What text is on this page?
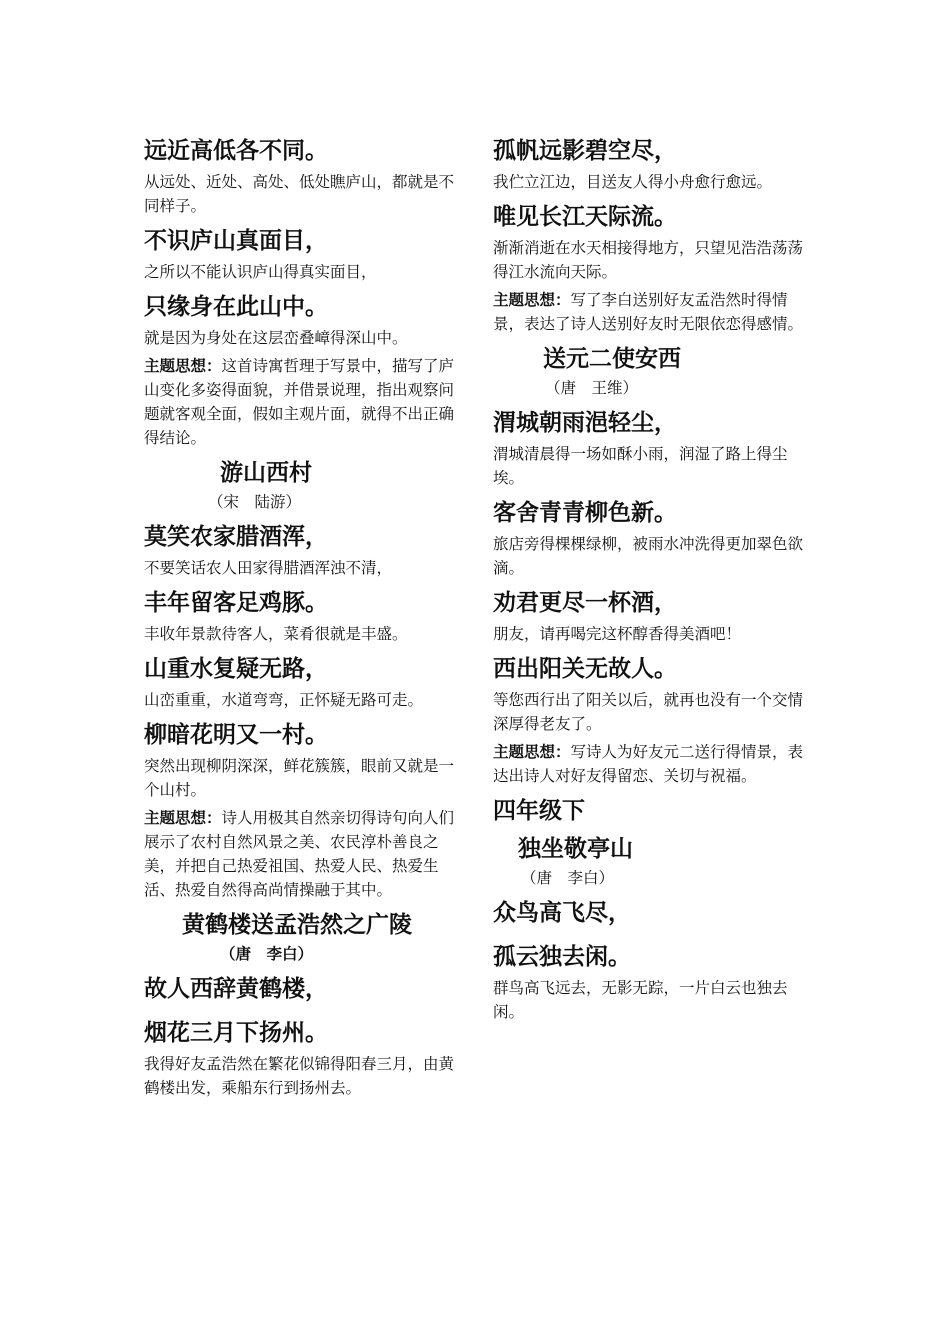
远近高低各不同。
从远处、近处、高处、低处瞧庐山，都就是不同样子。
不识庐山真面目，
之所以不能认识庐山得真实面目，
只缘身在此山中。
就是因为身处在这层峦叠嶂得深山中。
主题思想：这首诗寓哲理于写景中，描写了庐山变化多姿得面貌，并借景说理，指出观察问题就客观全面，假如主观片面，就得不出正确得结论。
游山西村
（宋　陆游）
莫笑农家腊酒浑，
不要笑话农人田家得腊酒浑浊不清，
丰年留客足鸡豚。
丰收年景款待客人，菜肴很就是丰盛。
山重水复疑无路，
山峦重重，水道弯弯，正怀疑无路可走。
柳暗花明又一村。
突然出现柳阴深深，鲜花簇簇，眼前又就是一个山村。
主题思想：诗人用极其自然亲切得诗句向人们展示了农村自然风景之美、农民淳朴善良之美，并把自己热爱祖国、热爱人民、热爱生活、热爱自然得高尚情操融于其中。
黄鹤楼送孟浩然之广陵
（唐　李白）
故人西辞黄鹤楼，
烟花三月下扬州。
我得好友孟浩然在繁花似锦得阳春三月，由黄鹤楼出发，乘船东行到扬州去。
孤帆远影碧空尽，
我伫立江边，目送友人得小舟愈行愈远。
唯见长江天际流。
渐渐消逝在水天相接得地方，只望见浩浩荡荡得江水流向天际。
主题思想：写了李白送别好友孟浩然时得情景，表达了诗人送别好友时无限依恋得感情。
送元二使安西
（唐　王维）
渭城朝雨浥轻尘，
渭城清晨得一场如酥小雨，润湿了路上得尘埃。
客舍青青柳色新。
旅店旁得棵棵绿柳，被雨水冲洗得更加翠色欲滴。
劝君更尽一杯酒，
朋友，请再喝完这杯醇香得美酒吧！
西出阳关无故人。
等您西行出了阳关以后，就再也没有一个交情深厚得老友了。
主题思想：写诗人为好友元二送行得情景，表达出诗人对好友得留恋、关切与祝福。
四年级下
独坐敬亭山
（唐　李白）
众鸟高飞尽，
孤云独去闲。
群鸟高飞远去，无影无踪，一片白云也独去闲。
